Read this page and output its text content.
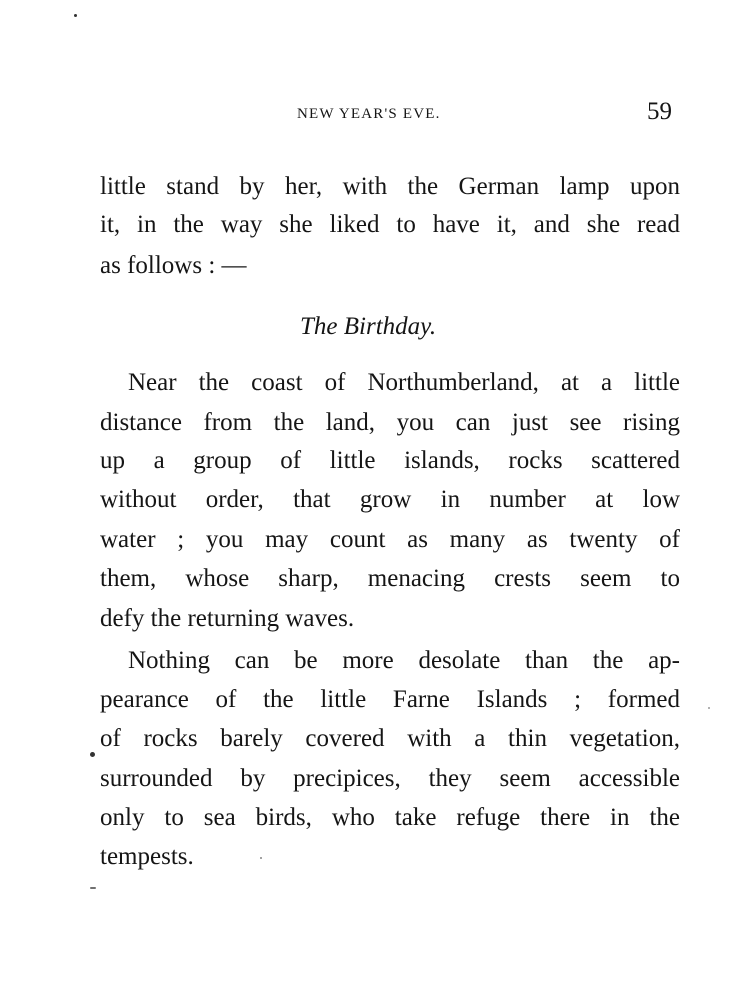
NEW YEAR'S EVE.	59
little stand by her, with the German lamp upon
it, in the way she liked to have it, and she read
as follows : —
The Birthday.
Near the coast of Northumberland, at a little
distance from the land, you can just see rising
up a group of little islands, rocks scattered
without order, that grow in number at low
water ; you may count as many as twenty of
them, whose sharp, menacing crests seem to
defy the returning waves.
Nothing can be more desolate than the ap-
pearance of the little Farne Islands ; formed
of rocks barely covered with a thin vegetation,
surrounded by precipices, they seem accessible
only to sea birds, who take refuge there in the
tempests.
